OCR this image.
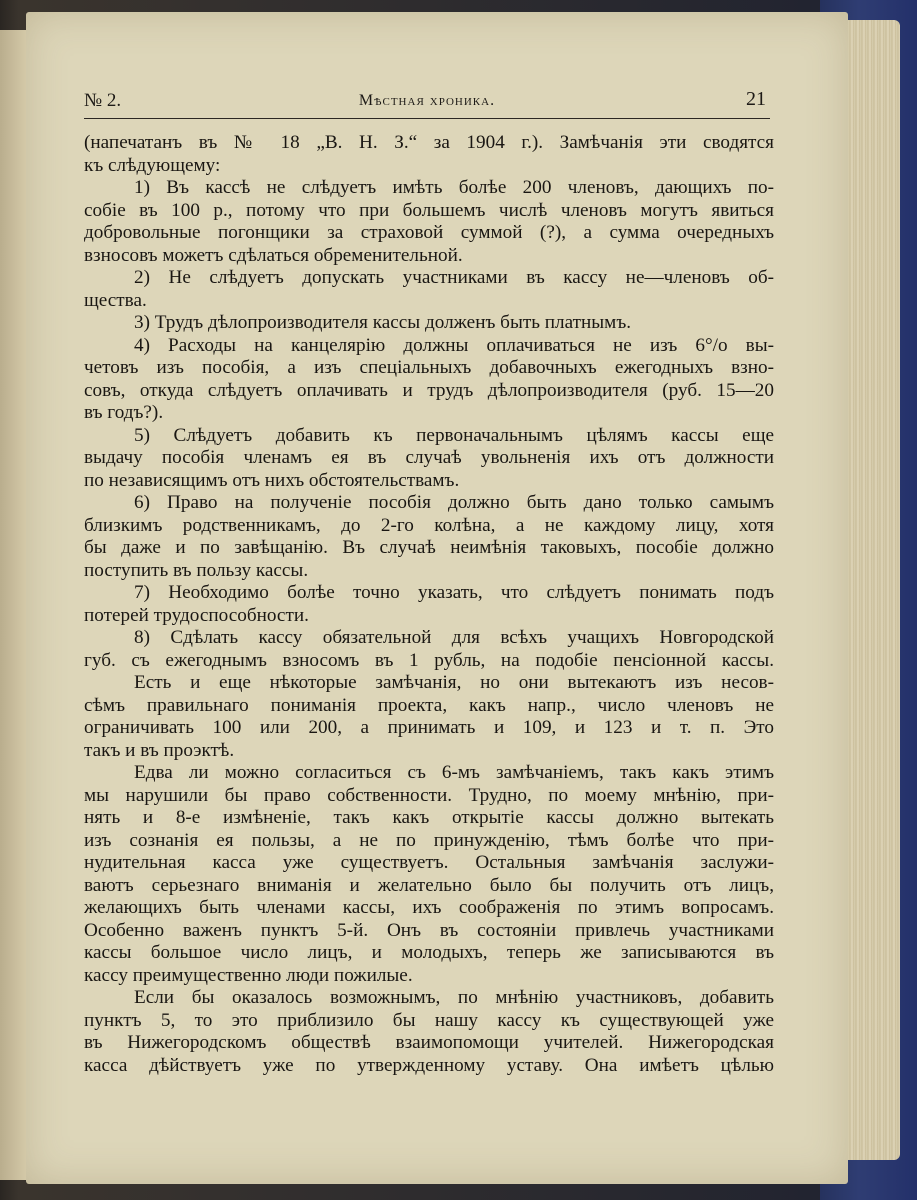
№ 2.	Мѣстная хроника.	21
(напечатанъ въ № 18 „В. Н. З.“ за 1904 г.). Замѣчанія эти сводятся
къ слѣдующему:
1) Въ кассѣ не слѣдуетъ имѣть болѣе 200 членовъ, дающихъ по-
собіе въ 100 р., потому что при большемъ числѣ членовъ могутъ явиться
добровольные погонщики за страховой суммой (?), а сумма очередныхъ
взносовъ можетъ сдѣлаться обременительной.
2) Не слѣдуетъ допускать участниками въ кассу не—членовъ об-
щества.
3) Трудъ дѣлопроизводителя кассы долженъ быть платнымъ.
4) Расходы на канцелярію должны оплачиваться не изъ 6°/о вы-
четовъ изъ пособія, а изъ спеціальныхъ добавочныхъ ежегодныхъ взно-
совъ, откуда слѣдуетъ оплачивать и трудъ дѣлопроизводителя (руб. 15—20
въ годъ?).
5) Слѣдуетъ добавить къ первоначальнымъ цѣлямъ кассы еще
выдачу пособія членамъ ея въ случаѣ увольненія ихъ отъ должности
по независящимъ отъ нихъ обстоятельствамъ.
6) Право на полученіе пособія должно быть дано только самымъ
близкимъ родственникамъ, до 2-го колѣна, а не каждому лицу, хотя
бы даже и по завѣщанію. Въ случаѣ неимѣнія таковыхъ, пособіе должно
поступить въ пользу кассы.
7) Необходимо болѣе точно указать, что слѣдуетъ понимать подъ
потерей трудоспособности.
8) Сдѣлать кассу обязательной для всѣхъ учащихъ Новгородской
губ. съ ежегоднымъ взносомъ въ 1 рубль, на подобіе пенсіонной кассы.
Есть и еще нѣкоторые замѣчанія, но они вытекаютъ изъ несов-
сѣмъ правильнаго пониманія проекта, какъ напр., число членовъ не
ограничивать 100 или 200, а принимать и 109, и 123 и т. п. Это
такъ и въ проэктѣ.
Едва ли можно согласиться съ 6-мъ замѣчаніемъ, такъ какъ этимъ
мы нарушили бы право собственности. Трудно, по моему мнѣнію, при-
нять и 8-е измѣненіе, такъ какъ открытіе кассы должно вытекать
изъ сознанія ея пользы, а не по принужденію, тѣмъ болѣе что при-
нудительная касса уже существуетъ. Остальныя замѣчанія заслужи-
ваютъ серьезнаго вниманія и желательно было бы получить отъ лицъ,
желающихъ быть членами кассы, ихъ соображенія по этимъ вопросамъ.
Особенно важенъ пунктъ 5-й. Онъ въ состояніи привлечь участниками
кассы большое число лицъ, и молодыхъ, теперь же записываются въ
кассу преимущественно люди пожилые.
Если бы оказалось возможнымъ, по мнѣнію участниковъ, добавить
пунктъ 5, то это приблизило бы нашу кассу къ существующей уже
въ Нижегородскомъ обществѣ взаимопомощи учителей. Нижегородская
касса дѣйствуетъ уже по утвержденному уставу. Она имѣетъ цѣлью
